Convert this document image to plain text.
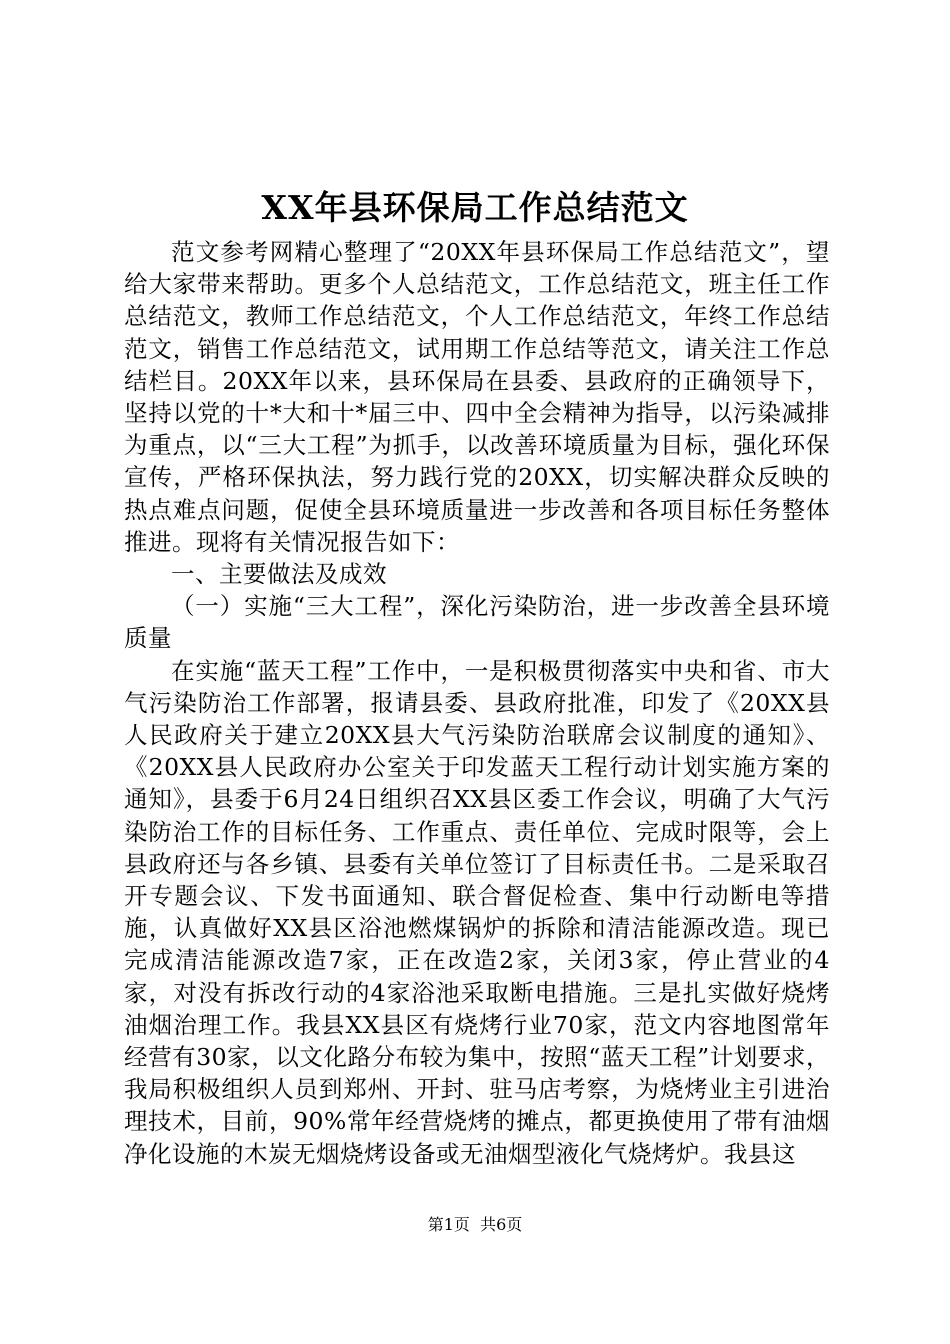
XX年县环保局工作总结范文

范文参考网精心整理了“20XX年县环保局工作总结范文”，望给大家带来帮助。更多个人总结范文，工作总结范文，班主任工作总结范文，教师工作总结范文，个人工作总结范文，年终工作总结范文，销售工作总结范文，试用期工作总结等范文，请关注工作总结栏目。20XX年以来，县环保局在县委、县政府的正确领导下，坚持以党的十*大和十*届三中、四中全会精神为指导，以污染减排为重点，以“三大工程”为抓手，以改善环境质量为目标，强化环保宣传，严格环保执法，努力践行党的20XX，切实解决群众反映的热点难点问题，促使全县环境质量进一步改善和各项目标任务整体推进。现将有关情况报告如下：

一、主要做法及成效

（一）实施“三大工程”，深化污染防治，进一步改善全县环境质量

在实施“蓝天工程”工作中，一是积极贯彻落实中央和省、市大气污染防治工作部署，报请县委、县政府批准，印发了《20XX县人民政府关于建立20XX县大气污染防治联席会议制度的通知》、《20XX县人民政府办公室关于印发蓝天工程行动计划实施方案的通知》，县委于6月24日组织召XX县区委工作会议，明确了大气污染防治工作的目标任务、工作重点、责任单位、完成时限等，会上县政府还与各乡镇、县委有关单位签订了目标责任书。二是采取召开专题会议、下发书面通知、联合督促检查、集中行动断电等措施，认真做好XX县区浴池燃煤锅炉的拆除和清洁能源改造。现已完成清洁能源改造7家，正在改造2家，关闭3家，停止营业的4家，对没有拆改行动的4家浴池采取断电措施。三是扎实做好烧烤油烟治理工作。我县XX县区有烧烤行业70家，范文内容地图常年经营有30家，以文化路分布较为集中，按照“蓝天工程”计划要求，我局积极组织人员到郑州、开封、驻马店考察，为烧烤业主引进治理技术，目前，90%常年经营烧烤的摊点，都更换使用了带有油烟净化设施的木炭无烟烧烤设备或无油烟型液化气烧烤炉。我县这

第1页  共6页
